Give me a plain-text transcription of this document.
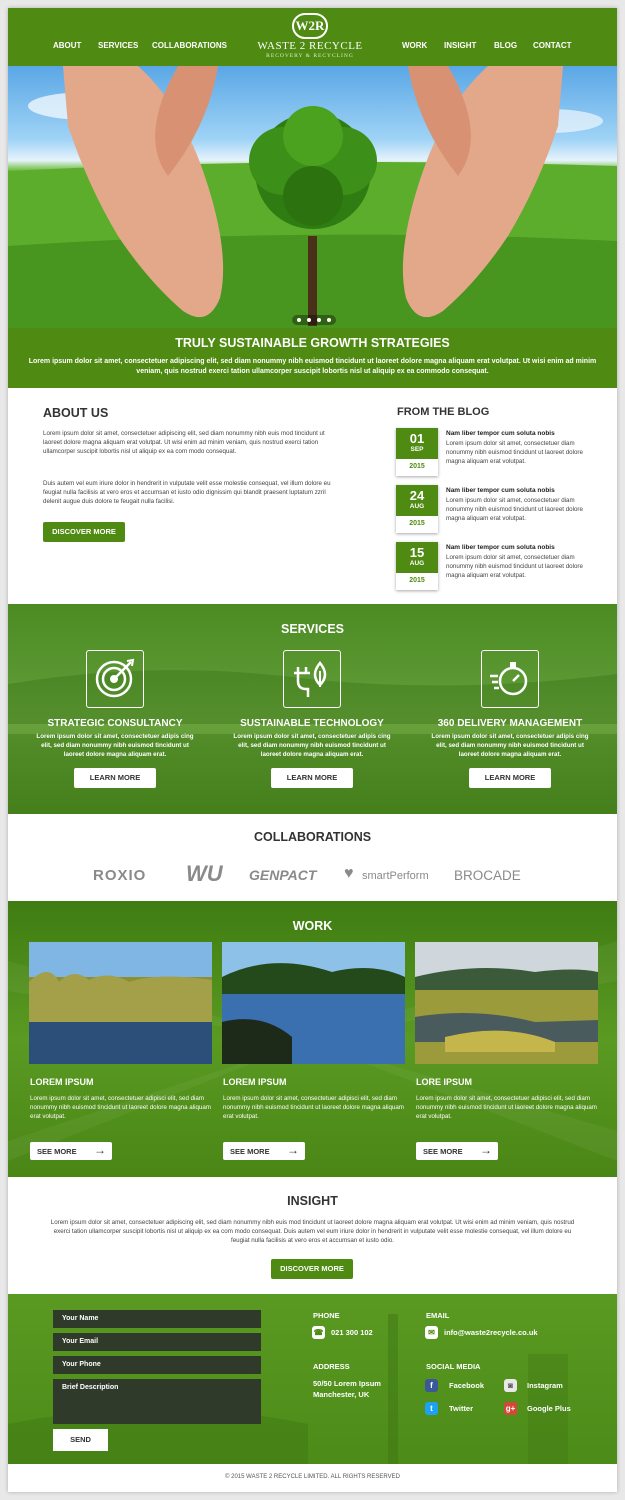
ABOUT SERVICES COLLABORATIONS
W2R
WASTE 2 RECYCLE
RECOVERY & RECYCLING
WORK INSIGHT BLOG CONTACT
TRULY SUSTAINABLE GROWTH STRATEGIES
Lorem ipsum dolor sit amet, consectetuer adipiscing elit, sed diam nonummy nibh euismod tincidunt ut laoreet dolore magna aliquam erat volutpat. Ut wisi enim ad minim veniam, quis nostrud exerci tation ullamcorper suscipit lobortis nisl ut aliquip ex ea commodo consequat.
ABOUT US
Lorem ipsum dolor sit amet, consectetuer adipiscing elit, sed diam nonummy nibh euis mod tincidunt ut laoreet dolore magna aliquam erat volutpat. Ut wisi enim ad minim veniam, quis nostrud exerci tation ullamcorper suscipit lobortis nisl ut aliquip ex ea com modo consequat.
Duis autem vel eum iriure dolor in hendrerit in vulputate velit esse molestie consequat, vel illum dolore eu feugiat nulla facilisis at vero eros et accumsan et iusto odio dignissim qui blandit praesent luptatum zzril delenit augue duis dolore te feugait nulla facilisi.
DISCOVER MORE
FROM THE BLOG
01
SEP
2015
Nam liber tempor cum soluta nobis
Lorem ipsum dolor sit amet, consectetuer diam nonummy nibh euismod tincidunt ut laoreet dolore magna aliquam erat volutpat.
24
AUG
2015
Nam liber tempor cum soluta nobis
Lorem ipsum dolor sit amet, consectetuer diam nonummy nibh euismod tincidunt ut laoreet dolore magna aliquam erat volutpat.
15
AUG
2015
Nam liber tempor cum soluta nobis
Lorem ipsum dolor sit amet, consectetuer diam nonummy nibh euismod tincidunt ut laoreet dolore magna aliquam erat volutpat.
SERVICES
STRATEGIC CONSULTANCY	SUSTAINABLE TECHNOLOGY	360 DELIVERY MANAGEMENT
Lorem ipsum dolor sit amet, consectetuer adipis cing elit, sed diam nonummy nibh euismod tincidunt ut laoreet dolore magna aliquam erat.
Lorem ipsum dolor sit amet, consectetuer adipis cing elit, sed diam nonummy nibh euismod tincidunt ut laoreet dolore magna aliquam erat.
Lorem ipsum dolor sit amet, consectetuer adipis cing elit, sed diam nonummy nibh euismod tincidunt ut laoreet dolore magna aliquam erat.
LEARN MORE	LEARN MORE	LEARN MORE
COLLABORATIONS
ROXIO WU GENPACT ♥ smartPerform BROCADE
WORK
LOREM IPSUM	LOREM IPSUM	LORE IPSUM
Lorem ipsum dolor sit amet, consectetuer adipisci elit, sed diam nonummy nibh euismod tincidunt ut laoreet dolore magna aliquam erat volutpat.
Lorem ipsum dolor sit amet, consectetuer adipisci elit, sed diam nonummy nibh euismod tincidunt ut laoreet dolore magna aliquam erat volutpat.
Lorem ipsum dolor sit amet, consectetuer adipisci elit, sed diam nonummy nibh euismod tincidunt ut laoreet dolore magna aliquam erat volutpat.
SEE MORE →	SEE MORE →	SEE MORE →
INSIGHT
Lorem ipsum dolor sit amet, consectetuer adipiscing elit, sed diam nonummy nibh euis mod tincidunt ut laoreet dolore magna aliquam erat volutpat. Ut wisi enim ad minim veniam, quis nostrud exerci tation ullamcorper suscipit lobortis nisl ut aliquip ex ea com modo consequat. Duis autem vel eum iriure dolor in hendrerit in vulputate velit esse molestie consequat, vel illum dolore eu feugiat nulla facilisis at vero eros et accumsan et iusto odio.
DISCOVER MORE
Your Name
Your Email
Your Phone
Brief Description
SEND
PHONE
☎ 021 300 102
EMAIL
✉	info@waste2recycle.co.uk
ADDRESS
50/50 Lorem Ipsum
Manchester, UK
SOCIAL MEDIA
f	Facebook	◙	Instagram
t	Twitter	g+ Google Plus
© 2015 WASTE 2 RECYCLE LIMITED. ALL RIGHTS RESERVED
